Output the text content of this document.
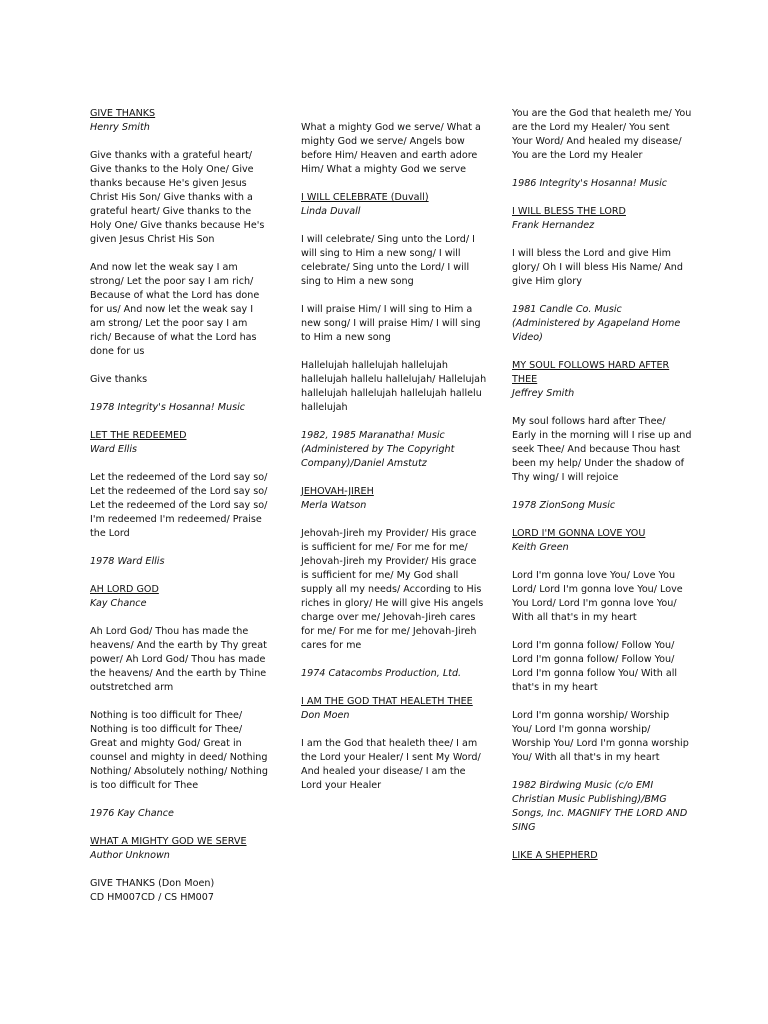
GIVE THANKS
Henry Smith

Give thanks with a grateful heart/ Give thanks to the Holy One/ Give thanks because He's given Jesus Christ His Son/ Give thanks with a grateful heart/ Give thanks to the Holy One/ Give thanks because He's given Jesus Christ His Son

And now let the weak say I am strong/ Let the poor say I am rich/ Because of what the Lord has done for us/ And now let the weak say I am strong/ Let the poor say I am rich/ Because of what the Lord has done for us

Give thanks

1978 Integrity's Hosanna! Music
LET THE REDEEMED
Ward Ellis

Let the redeemed of the Lord say so/ Let the redeemed of the Lord say so/ Let the redeemed of the Lord say so/ I'm redeemed I'm redeemed/ Praise the Lord

1978 Ward Ellis
AH LORD GOD
Kay Chance

Ah Lord God/ Thou has made the heavens/ And the earth by Thy great power/ Ah Lord God/ Thou has made the heavens/ And the earth by Thine outstretched arm

Nothing is too difficult for Thee/ Nothing is too difficult for Thee/ Great and mighty God/ Great in counsel and mighty in deed/ Nothing Nothing/ Absolutely nothing/ Nothing is too difficult for Thee

1976 Kay Chance
WHAT A MIGHTY GOD WE SERVE
Author Unknown
GIVE THANKS (Don Moen)
CD HM007CD / CS HM007

What a mighty God we serve/ What a mighty God we serve/ Angels bow before Him/ Heaven and earth adore Him/ What a mighty God we serve

I WILL CELEBRATE (Duvall)
Linda Duvall

I will celebrate/ Sing unto the Lord/ I will sing to Him a new song/ I will celebrate/ Sing unto the Lord/ I will sing to Him a new song

I will praise Him/ I will sing to Him a new song/ I will praise Him/ I will sing to Him a new song

Hallelujah hallelujah hallelujah hallelujah hallelu hallelujah/ Hallelujah hallelujah hallelujah hallelujah hallelu hallelujah

1982, 1985 Maranatha! Music (Administered by The Copyright Company)/Daniel Amstutz
JEHOVAH-JIREH
Merla Watson

Jehovah-Jireh my Provider/ His grace is sufficient for me/ For me for me/ Jehovah-Jireh my Provider/ His grace is sufficient for me/ My God shall supply all my needs/ According to His riches in glory/ He will give His angels charge over me/ Jehovah-Jireh cares for me/ For me for me/ Jehovah-Jireh cares for me

1974 Catacombs Production, Ltd.
I AM THE GOD THAT HEALETH THEE
Don Moen

I am the God that healeth thee/ I am the Lord your Healer/ I sent My Word/ And healed your disease/ I am the Lord your Healer

You are the God that healeth me/ You are the Lord my Healer/ You sent Your Word/ And healed my disease/ You are the Lord my Healer

1986 Integrity's Hosanna! Music
I WILL BLESS THE LORD
Frank Hernandez

I will bless the Lord and give Him glory/ Oh I will bless His Name/ And give Him glory

1981 Candle Co. Music (Administered by Agapeland Home Video)
MY SOUL FOLLOWS HARD AFTER THEE
Jeffrey Smith

My soul follows hard after Thee/ Early in the morning will I rise up and seek Thee/ And because Thou hast been my help/ Under the shadow of Thy wing/ I will rejoice

1978 ZionSong Music
LORD I'M GONNA LOVE YOU
Keith Green

Lord I'm gonna love You/ Love You Lord/ Lord I'm gonna love You/ Love You Lord/ Lord I'm gonna love You/ With all that's in my heart

Lord I'm gonna follow/ Follow You/ Lord I'm gonna follow/ Follow You/ Lord I'm gonna follow You/ With all that's in my heart

Lord I'm gonna worship/ Worship You/ Lord I'm gonna worship/ Worship You/ Lord I'm gonna worship You/ With all that's in my heart

1982 Birdwing Music (c/o EMI Christian Music Publishing)/BMG Songs, Inc. MAGNIFY THE LORD AND SING
LIKE A SHEPHERD
